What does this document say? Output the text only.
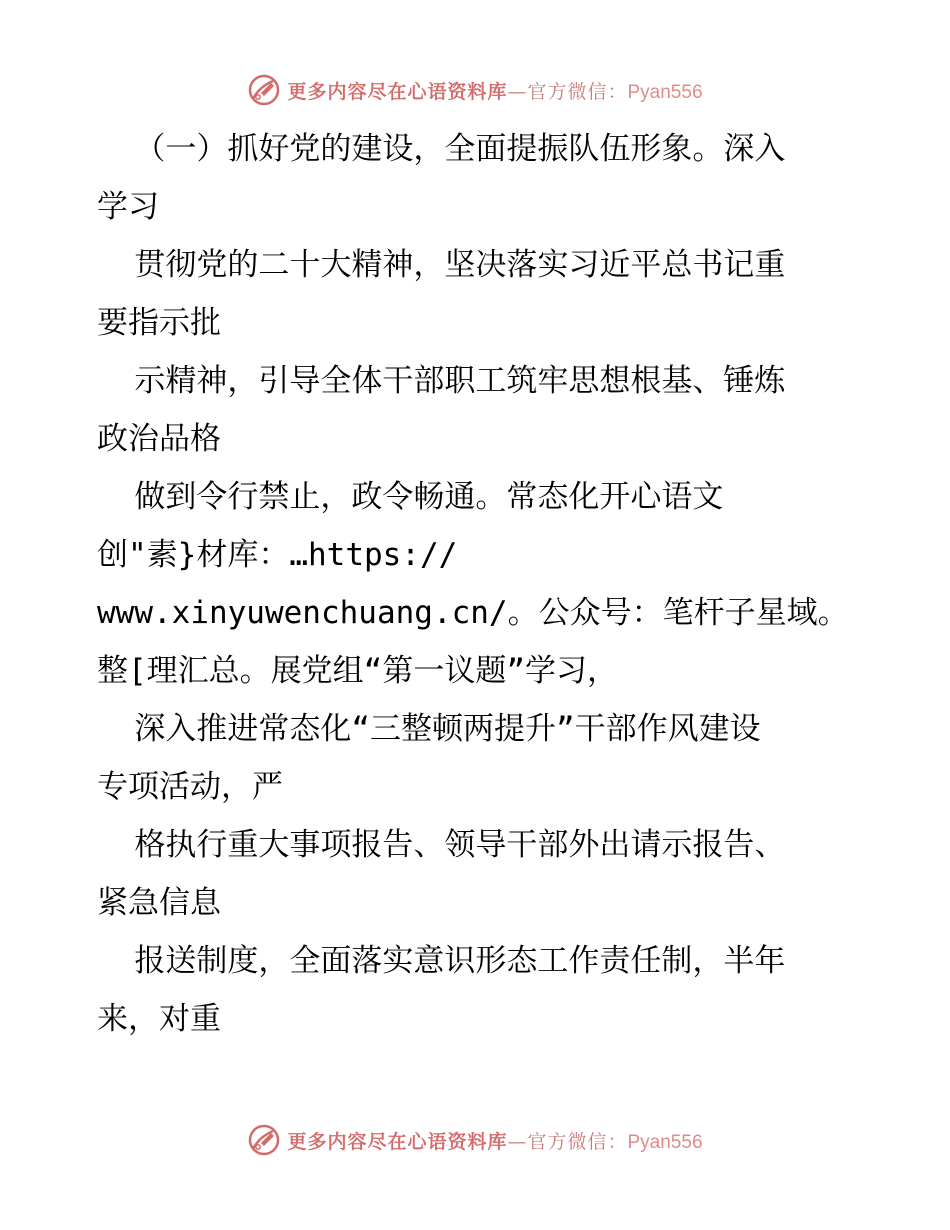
更多内容尽在心语资料库—官方微信：Pyan556
（一）抓好党的建设，全面提振队伍形象。深入
学习
贯彻党的二十大精神，坚决落实习近平总书记重
要指示批
示精神，引导全体干部职工筑牢思想根基、锤炼
政治品格
做到令行禁止，政令畅通。常态化开心语文
创"素}材库：…https://
www.xinyuwenchuang.cn/。公众号：笔杆子星域。
整[理汇总。展党组“第一议题”学习，
深入推进常态化“三整顿两提升”干部作风建设
专项活动，严
格执行重大事项报告、领导干部外出请示报告、
紧急信息
报送制度，全面落实意识形态工作责任制，半年
来，对重
更多内容尽在心语资料库—官方微信：Pyan556
